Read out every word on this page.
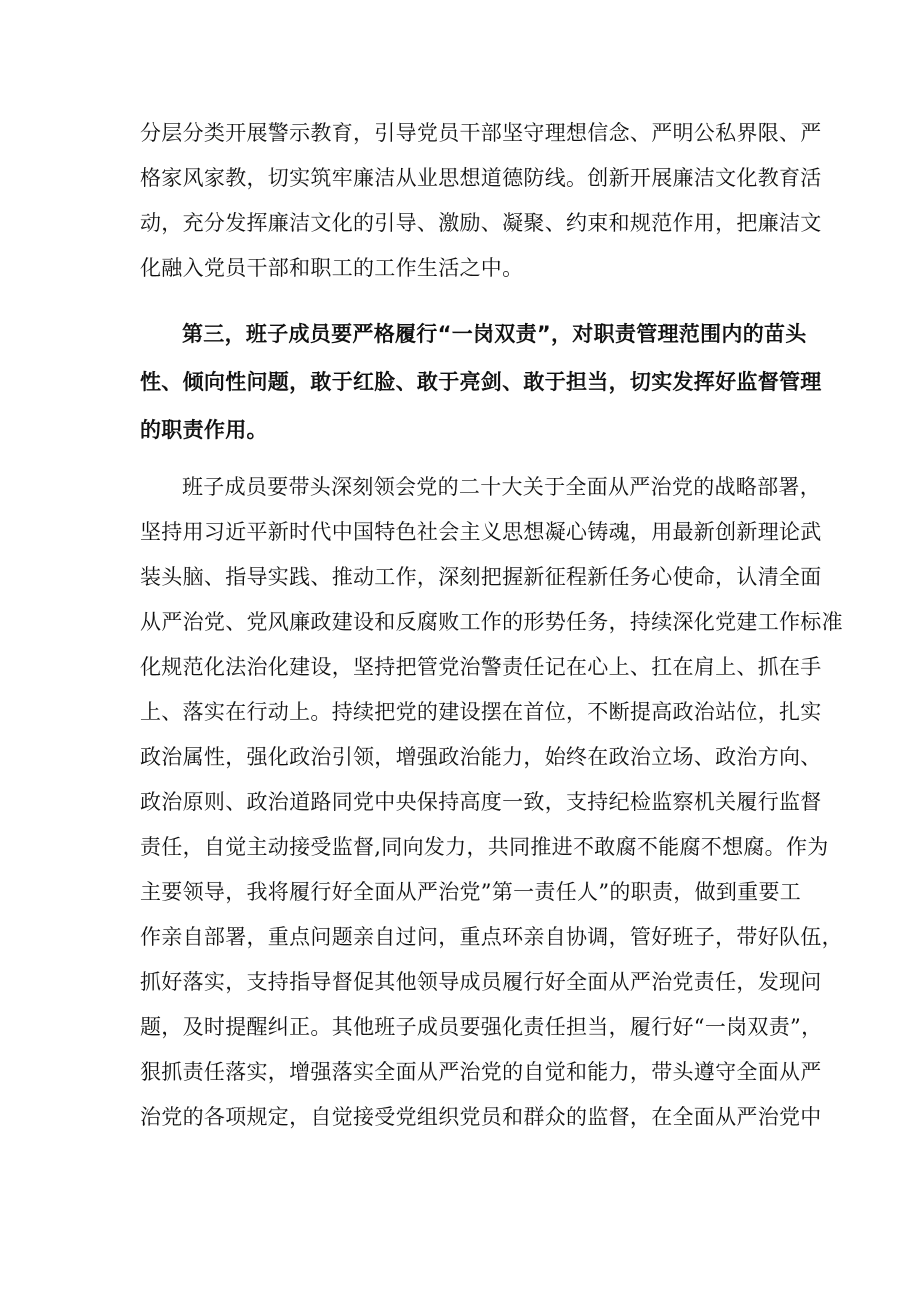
分层分类开展警示教育，引导党员干部坚守理想信念、严明公私界限、严
格家风家教，切实筑牢廉洁从业思想道德防线。创新开展廉洁文化教育活
动，充分发挥廉洁文化的引导、激励、凝聚、约束和规范作用，把廉洁文
化融入党员干部和职工的工作生活之中。
第三，班子成员要严格履行“一岗双责”，对职责管理范围内的苗头
性、倾向性问题，敢于红脸、敢于亮剑、敢于担当，切实发挥好监督管理
的职责作用。
班子成员要带头深刻领会党的二十大关于全面从严治党的战略部署，
坚持用习近平新时代中国特色社会主义思想凝心铸魂，用最新创新理论武
装头脑、指导实践、推动工作，深刻把握新征程新任务心使命，认清全面
从严治党、党风廉政建设和反腐败工作的形势任务，持续深化党建工作标准
化规范化法治化建设，坚持把管党治警责任记在心上、扛在肩上、抓在手
上、落实在行动上。持续把党的建设摆在首位，不断提高政治站位，扎实
政治属性，强化政治引领，增强政治能力，始终在政治立场、政治方向、
政治原则、政治道路同党中央保持高度一致，支持纪检监察机关履行监督
责任，自觉主动接受监督,同向发力，共同推进不敢腐不能腐不想腐。作为
主要领导，我将履行好全面从严治党”第一责任人”的职责，做到重要工
作亲自部署，重点问题亲自过问，重点环亲自协调，管好班子，带好队伍，
抓好落实，支持指导督促其他领导成员履行好全面从严治党责任，发现问
题，及时提醒纠正。其他班子成员要强化责任担当，履行好“一岗双责”，
狠抓责任落实，增强落实全面从严治党的自觉和能力，带头遵守全面从严
治党的各项规定，自觉接受党组织党员和群众的监督，在全面从严治党中
